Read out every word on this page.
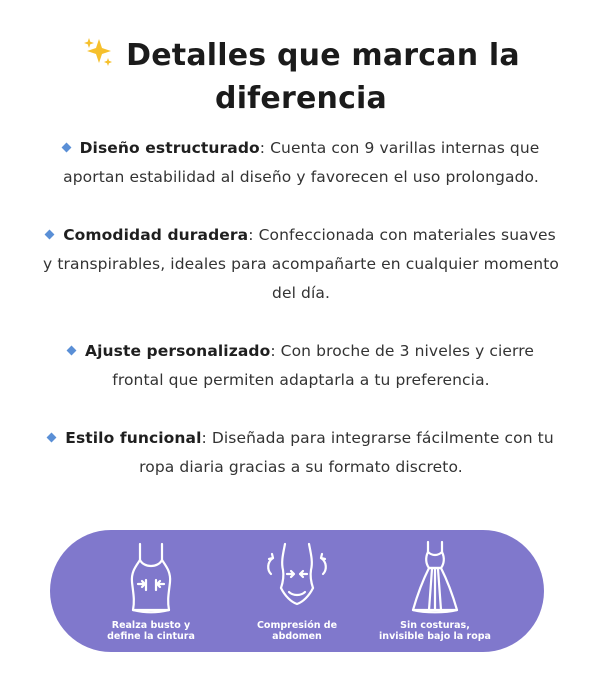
Detalles que marcan la
diferencia
Diseño estructurado: Cuenta con 9 varillas internas que aportan estabilidad al diseño y favorecen el uso prolongado.
Comodidad duradera: Confeccionada con materiales suaves y transpirables, ideales para acompañarte en cualquier momento del día.
Ajuste personalizado: Con broche de 3 niveles y cierre frontal que permiten adaptarla a tu preferencia.
Estilo funcional: Diseñada para integrarse fácilmente con tu ropa diaria gracias a su formato discreto.
Realza busto y
define la cintura
Compresión de
abdomen
Sin costuras,
invisible bajo la ropa
